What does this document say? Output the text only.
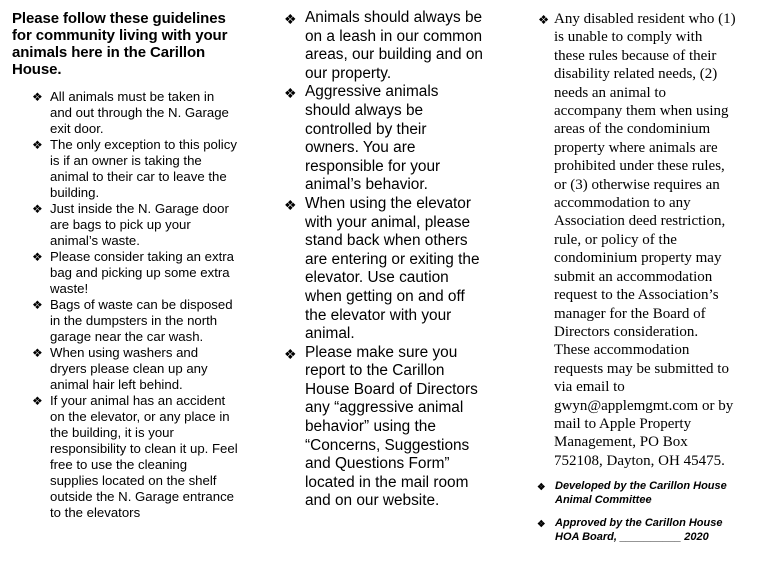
Please follow these guidelines for community living with your animals here in the Carillon House.
❖ All animals must be taken in and out through the N. Garage exit door.
❖ The only exception to this policy is if an owner is taking the animal to their car to leave the building.
❖ Just inside the N. Garage door are bags to pick up your animal’s waste.
❖ Please consider taking an extra bag and picking up some extra waste!
❖ Bags of waste can be disposed in the dumpsters in the north garage near the car wash.
❖ When using washers and dryers please clean up any animal hair left behind.
❖ If your animal has an accident on the elevator, or any place in the building, it is your responsibility to clean it up. Feel free to use the cleaning supplies located on the shelf outside the N. Garage entrance to the elevators
❖ Animals should always be on a leash in our common areas, our building and on our property.
❖ Aggressive animals should always be controlled by their owners. You are responsible for your animal’s behavior.
❖ When using the elevator with your animal, please stand back when others are entering or exiting the elevator. Use caution when getting on and off the elevator with your animal.
❖ Please make sure you report to the Carillon House Board of Directors any “aggressive animal behavior” using the “Concerns, Suggestions and Questions Form” located in the mail room and on our website.
❖ Any disabled resident who (1) is unable to comply with these rules because of their disability related needs, (2) needs an animal to accompany them when using areas of the condominium property where animals are prohibited under these rules, or (3) otherwise requires an accommodation to any Association deed restriction, rule, or policy of the condominium property may submit an accommodation request to the Association’s manager for the Board of Directors consideration. These accommodation requests may be submitted to via email to gwyn@applemgmt.com or by mail to Apple Property Management, PO Box 752108, Dayton, OH 45475.
❖ Developed by the Carillon House Animal Committee
❖ Approved by the Carillon House HOA Board, __________ 2020
